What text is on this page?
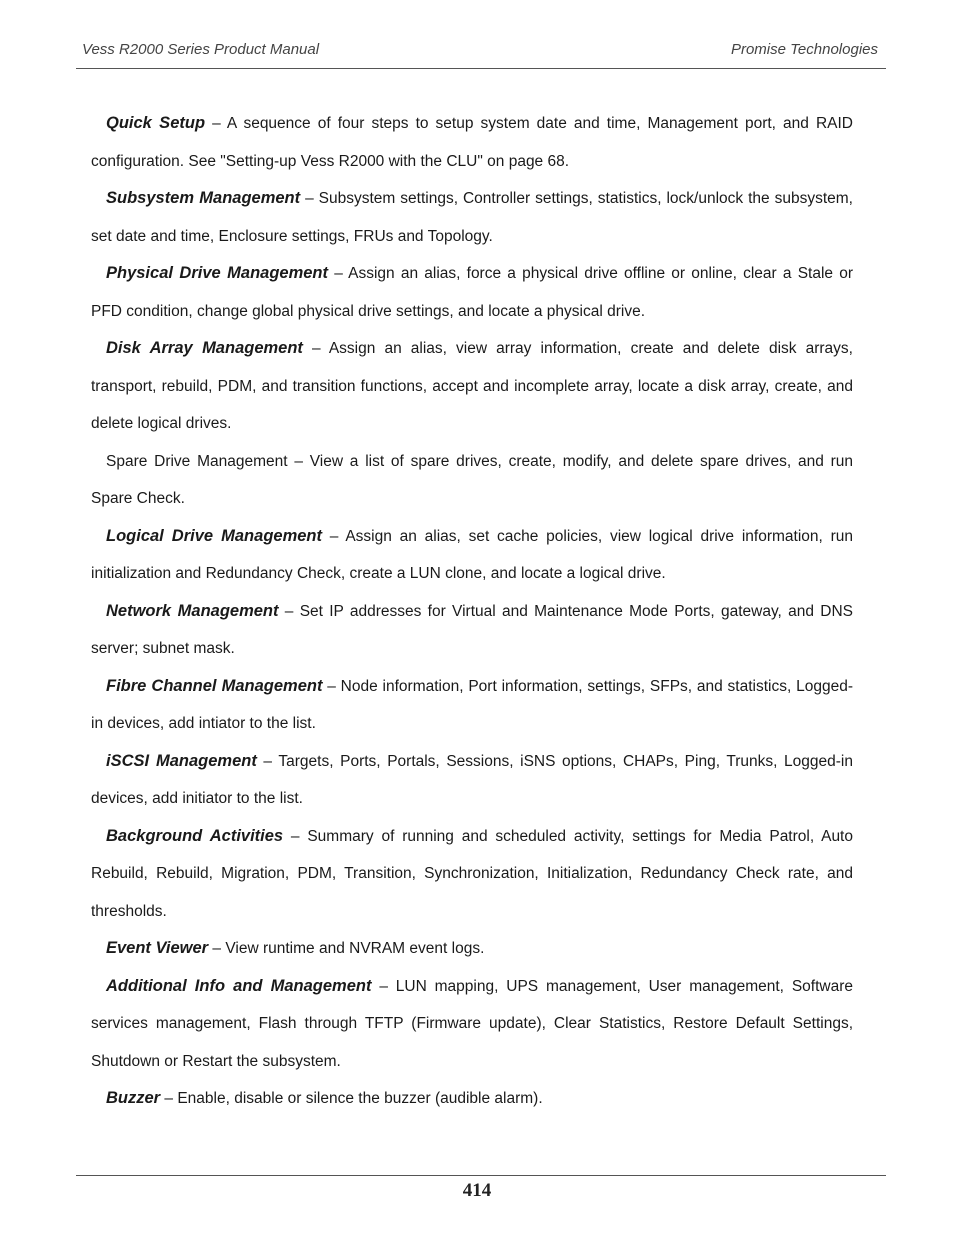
Vess R2000 Series Product Manual	Promise Technologies

Quick Setup – A sequence of four steps to setup system date and time, Management port, and RAID configuration. See "Setting-up Vess R2000 with the CLU" on page 68.

Subsystem Management – Subsystem settings, Controller settings, statistics, lock/unlock the subsystem, set date and time, Enclosure settings, FRUs and Topology.

Physical Drive Management – Assign an alias, force a physical drive offline or online, clear a Stale or PFD condition, change global physical drive settings, and locate a physical drive.

Disk Array Management – Assign an alias, view array information, create and delete disk arrays, transport, rebuild, PDM, and transition functions, accept and incomplete array, locate a disk array, create, and delete logical drives.

Spare Drive Management – View a list of spare drives, create, modify, and delete spare drives, and run Spare Check.

Logical Drive Management – Assign an alias, set cache policies, view logical drive information, run initialization and Redundancy Check, create a LUN clone, and locate a logical drive.

Network Management – Set IP addresses for Virtual and Maintenance Mode Ports, gateway, and DNS server; subnet mask.

Fibre Channel Management – Node information, Port information, settings, SFPs, and statistics, Logged-in devices, add intiator to the list.

iSCSI Management – Targets, Ports, Portals, Sessions, iSNS options, CHAPs, Ping, Trunks, Logged-in devices, add initiator to the list.

Background Activities – Summary of running and scheduled activity, settings for Media Patrol, Auto Rebuild, Rebuild, Migration, PDM, Transition, Synchronization, Initialization, Redundancy Check rate, and thresholds.

Event Viewer – View runtime and NVRAM event logs.

Additional Info and Management – LUN mapping, UPS management, User management, Software services management, Flash through TFTP (Firmware update), Clear Statistics, Restore Default Settings, Shutdown or Restart the subsystem.

Buzzer – Enable, disable or silence the buzzer (audible alarm).

414
